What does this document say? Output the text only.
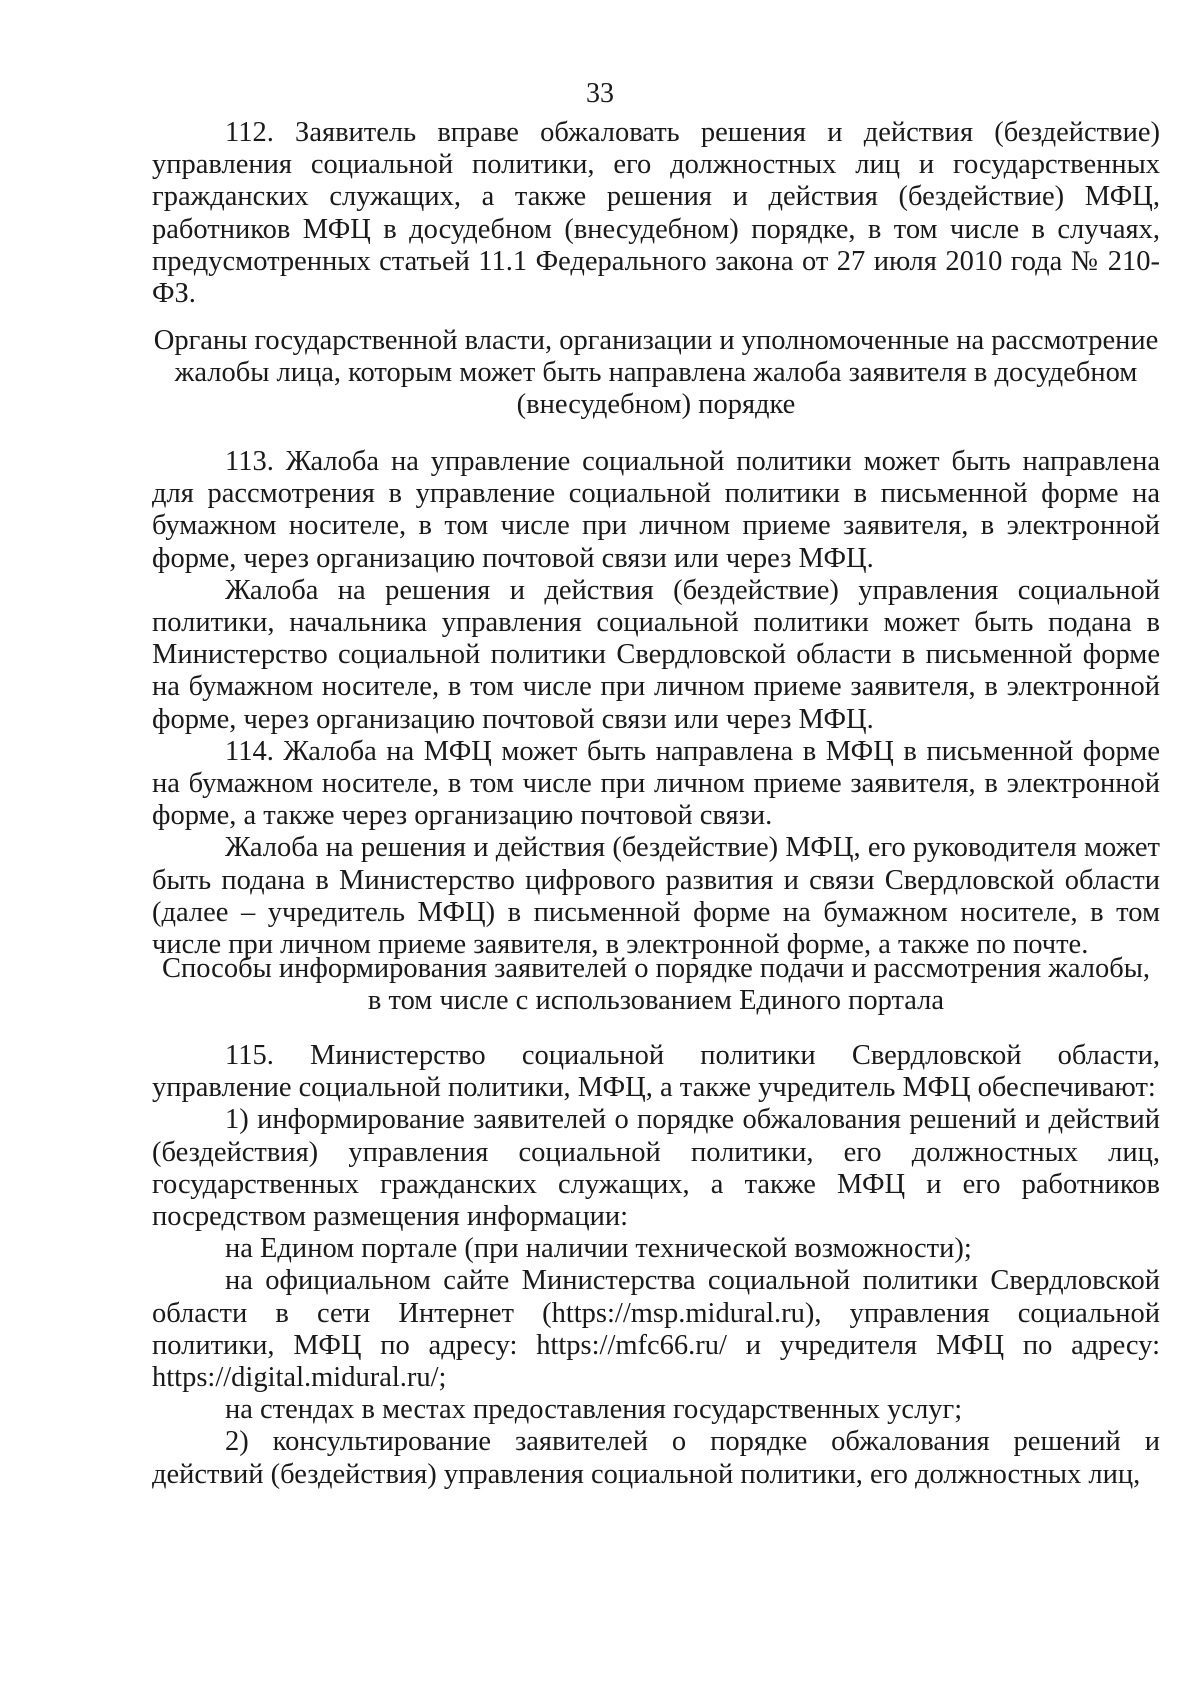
33

112. Заявитель вправе обжаловать решения и действия (бездействие) управления социальной политики, его должностных лиц и государственных гражданских служащих, а также решения и действия (бездействие) МФЦ, работников МФЦ в досудебном (внесудебном) порядке, в том числе в случаях, предусмотренных статьей 11.1 Федерального закона от 27 июля 2010 года № 210-ФЗ.

Органы государственной власти, организации и уполномоченные на рассмотрение жалобы лица, которым может быть направлена жалоба заявителя в досудебном (внесудебном) порядке

113. Жалоба на управление социальной политики может быть направлена для рассмотрения в управление социальной политики в письменной форме на бумажном носителе, в том числе при личном приеме заявителя, в электронной форме, через организацию почтовой связи или через МФЦ.

Жалоба на решения и действия (бездействие) управления социальной политики, начальника управления социальной политики может быть подана в Министерство социальной политики Свердловской области в письменной форме на бумажном носителе, в том числе при личном приеме заявителя, в электронной форме, через организацию почтовой связи или через МФЦ.

114. Жалоба на МФЦ может быть направлена в МФЦ в письменной форме на бумажном носителе, в том числе при личном приеме заявителя, в электронной форме, а также через организацию почтовой связи.

Жалоба на решения и действия (бездействие) МФЦ, его руководителя может быть подана в Министерство цифрового развития и связи Свердловской области (далее – учредитель МФЦ) в письменной форме на бумажном носителе, в том числе при личном приеме заявителя, в электронной форме, а также по почте.

Способы информирования заявителей о порядке подачи и рассмотрения жалобы, в том числе с использованием Единого портала

115. Министерство социальной политики Свердловской области, управление социальной политики, МФЦ, а также учредитель МФЦ обеспечивают:

1) информирование заявителей о порядке обжалования решений и действий (бездействия) управления социальной политики, его должностных лиц, государственных гражданских служащих, а также МФЦ и его работников посредством размещения информации:

на Едином портале (при наличии технической возможности);

на официальном сайте Министерства социальной политики Свердловской области в сети Интернет (https://msp.midural.ru), управления социальной политики, МФЦ по адресу: https://mfc66.ru/ и учредителя МФЦ по адресу: https://digital.midural.ru/;

на стендах в местах предоставления государственных услуг;

2) консультирование заявителей о порядке обжалования решений и действий (бездействия) управления социальной политики, его должностных лиц,
